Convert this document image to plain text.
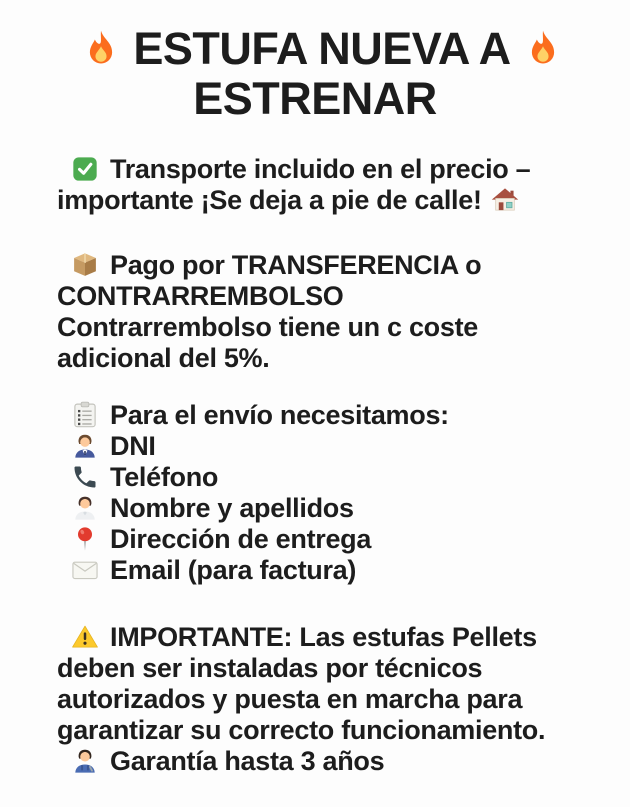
ESTUFA NUEVA A
ESTRENAR

Transporte incluido en el precio –
importante ¡Se deja a pie de calle!

Pago por TRANSFERENCIA o
CONTRARREMBOLSO
Contrarrembolso tiene un c coste
adicional del 5%.

Para el envío necesitamos:
DNI
Teléfono
Nombre y apellidos
Dirección de entrega
Email (para factura)

IMPORTANTE: Las estufas Pellets
deben ser instaladas por técnicos
autorizados y puesta en marcha para
garantizar su correcto funcionamiento.
Garantía hasta 3 años
